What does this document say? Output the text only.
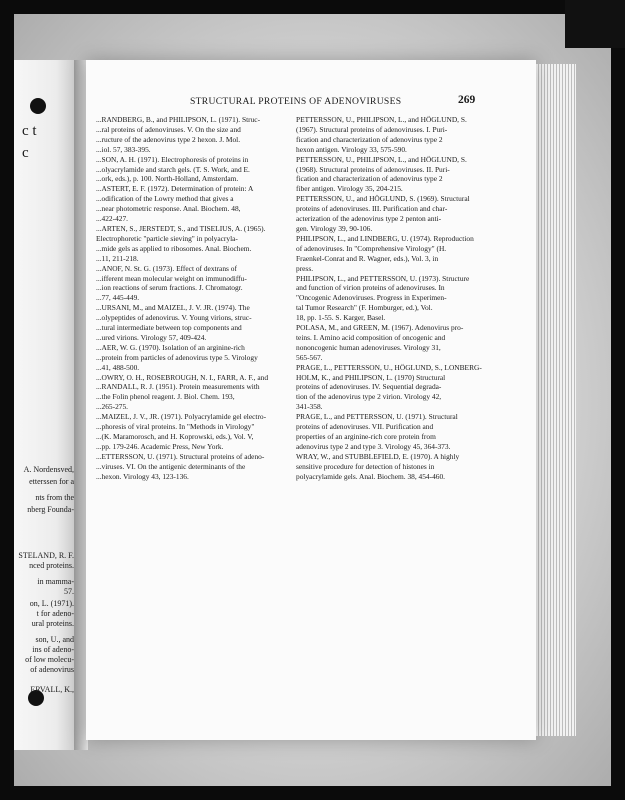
c t
c
A. Nordensved,
etterssen for a
nts from the
nberg Founda-
STELAND, R. F.
nced proteins.
in mamma-
57.
on, L. (1971).
t for adeno-
ural proteins.
son, U., and
ins of adeno-
of low molecu-
of adenovirus
ERVALL, K.,
STRUCTURAL PROTEINS OF ADENOVIRUSES	269
...RANDBERG, B., and PHILIPSON, L. (1971). Struc-
...ral proteins of adenoviruses. V. On the size and
...ructure of the adenovirus type 2 hexon. J. Mol.
...iol. 57, 383-395.
...SON, A. H. (1971). Electrophoresis of proteins in
...olyacrylamide and starch gels. (T. S. Work, and E.
...ork, eds.), p. 100. North-Holland, Amsterdam.
...ASTERT, E. F. (1972). Determination of protein: A
...odification of the Lowry method that gives a
...near photometric response. Anal. Biochem. 48,
...422-427.
...ARTEN, S., JERSTEDT, S., and TISELIUS, A. (1965).
Electrophoretic "particle sieving" in polyacryla-
...mide gels as applied to ribosomes. Anal. Biochem.
...11, 211-218.
...ANOF, N. St. G. (1973). Effect of dextrans of
...ifferent mean molecular weight on immunodiffu-
...ion reactions of serum fractions. J. Chromatogr.
...77, 445-449.
...URSANI, M., and MAIZEL, J. V. JR. (1974). The
...olypeptides of adenovirus. V. Young virions, struc-
...tural intermediate between top components and
...ured virions. Virology 57, 409-424.
...AER, W. G. (1970). Isolation of an arginine-rich
...protein from particles of adenovirus type 5. Virology
...41, 488-500.
...OWRY, O. H., ROSEBROUGH, N. I., FARR, A. F., and
...RANDALL, R. J. (1951). Protein measurements with
...the Folin phenol reagent. J. Biol. Chem. 193,
...265-275.
...MAIZEL, J. V., JR. (1971). Polyacrylamide gel electro-
...phoresis of viral proteins. In "Methods in Virology"
...(K. Maramorosch, and H. Koprowski, eds.), Vol. V,
...pp. 179-246. Academic Press, New York.
...ETTERSSON, U. (1971). Structural proteins of adeno-
...viruses. VI. On the antigenic determinants of the
...hexon. Virology 43, 123-136.
PETTERSSON, U., PHILIPSON, L., and HÖGLUND, S.
(1967). Structural proteins of adenoviruses. I. Puri-
fication and characterization of adenovirus type 2
hexon antigen. Virology 33, 575-590.
PETTERSSON, U., PHILIPSON, L., and HÖGLUND, S.
(1968). Structural proteins of adenoviruses. II. Puri-
fication and characterization of adenovirus type 2
fiber antigen. Virology 35, 204-215.
PETTERSSON, U., and HÖGLUND, S. (1969). Structural
proteins of adenoviruses. III. Purification and char-
acterization of the adenovirus type 2 penton anti-
gen. Virology 39, 90-106.
PHILIPSON, L., and LINDBERG, U. (1974). Reproduction
of adenoviruses. In "Comprehensive Virology" (H.
Fraenkel-Conrat and R. Wagner, eds.), Vol. 3, in
press.
PHILIPSON, L., and PETTERSSON, U. (1973). Structure
and function of virion proteins of adenoviruses. In
"Oncogenic Adenoviruses. Progress in Experimen-
tal Tumor Research" (F. Homburger, ed.), Vol.
18, pp. 1-55. S. Karger, Basel.
POLASA, M., and GREEN, M. (1967). Adenovirus pro-
teins. I. Amino acid composition of oncogenic and
nononcogenic human adenoviruses. Virology 31,
565-567.
PRAGE, L., PETTERSSON, U., HÖGLUND, S., LONBERG-
HOLM, K., and PHILIPSON, L. (1970) Structural
proteins of adenoviruses. IV. Sequential degrada-
tion of the adenovirus type 2 virion. Virology 42,
341-358.
PRAGE, L., and PETTERSSON, U. (1971). Structural
proteins of adenoviruses. VII. Purification and
properties of an arginine-rich core protein from
adenovirus type 2 and type 3. Virology 45, 364-373.
WRAY, W., and STUBBLEFIELD, E. (1970). A highly
sensitive procedure for detection of histones in
polyacrylamide gels. Anal. Biochem. 38, 454-460.
